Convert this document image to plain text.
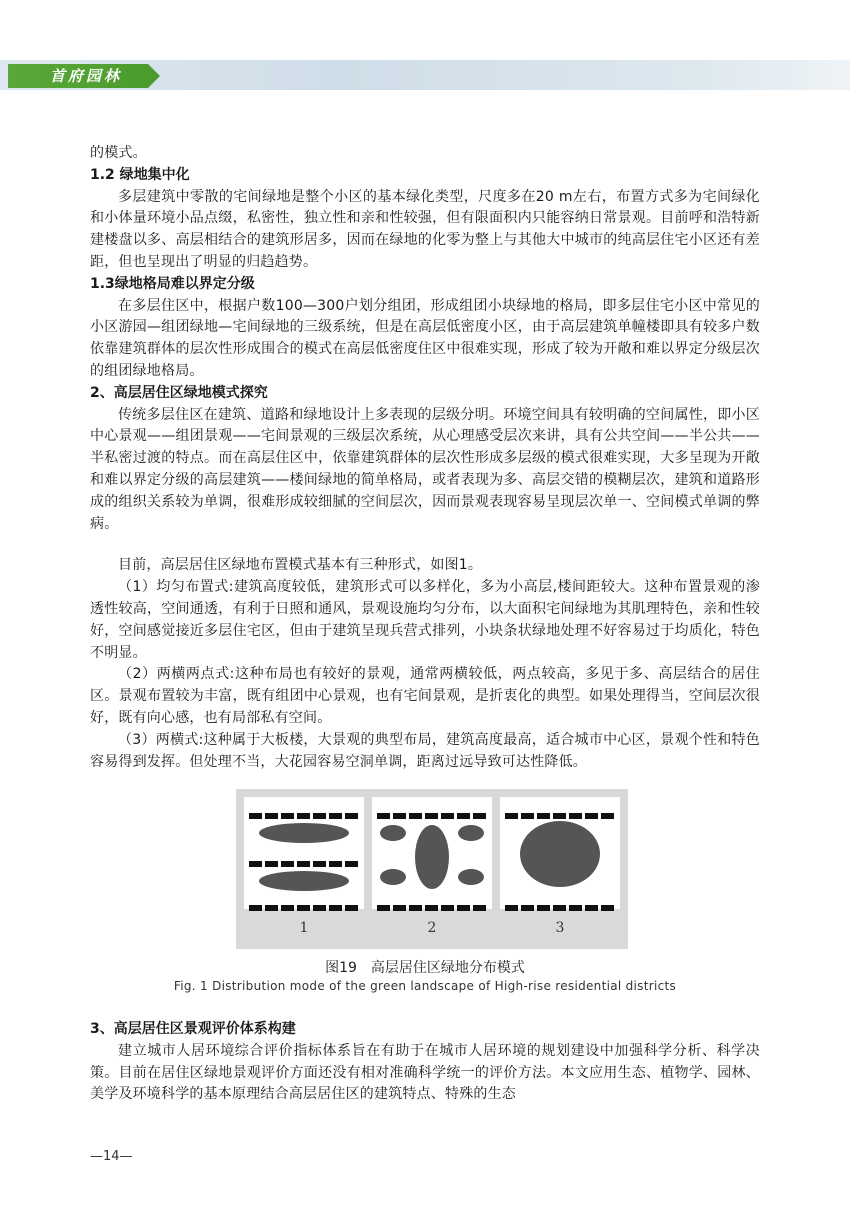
首府园林

的模式。

1.2 绿地集中化

多层建筑中零散的宅间绿地是整个小区的基本绿化类型，尺度多在20 m左右，布置方式多为宅间绿化和小体量环境小品点缀，私密性，独立性和亲和性较强，但有限面积内只能容纳日常景观。目前呼和浩特新建楼盘以多、高层相结合的建筑形居多，因而在绿地的化零为整上与其他大中城市的纯高层住宅小区还有差距，但也呈现出了明显的归趋趋势。

1.3绿地格局难以界定分级

在多层住区中，根据户数100—300户划分组团，形成组团小块绿地的格局，即多层住宅小区中常见的小区游园—组团绿地—宅间绿地的三级系统，但是在高层低密度小区，由于高层建筑单幢楼即具有较多户数依靠建筑群体的层次性形成围合的模式在高层低密度住区中很难实现，形成了较为开敞和难以界定分级层次的组团绿地格局。

2、高层居住区绿地模式探究

传统多层住区在建筑、道路和绿地设计上多表现的层级分明。环境空间具有较明确的空间属性，即小区中心景观——组团景观——宅间景观的三级层次系统，从心理感受层次来讲，具有公共空间——半公共——半私密过渡的特点。而在高层住区中，依靠建筑群体的层次性形成多层级的模式很难实现，大多呈现为开敞和难以界定分级的高层建筑——楼间绿地的简单格局，或者表现为多、高层交错的模糊层次，建筑和道路形成的组织关系较为单调，很难形成较细腻的空间层次，因而景观表现容易呈现层次单一、空间模式单调的弊病。

目前，高层居住区绿地布置模式基本有三种形式，如图1。

（1）均匀布置式:建筑高度较低，建筑形式可以多样化，多为小高层,楼间距较大。这种布置景观的渗透性较高，空间通透，有利于日照和通风，景观设施均匀分布，以大面积宅间绿地为其肌理特色，亲和性较好，空间感觉接近多层住宅区，但由于建筑呈现兵营式排列，小块条状绿地处理不好容易过于均质化，特色不明显。

（2）两横两点式:这种布局也有较好的景观，通常两横较低，两点较高，多见于多、高层结合的居住区。景观布置较为丰富，既有组团中心景观，也有宅间景观，是折衷化的典型。如果处理得当，空间层次很好，既有向心感，也有局部私有空间。

（3）两横式:这种属于大板楼，大景观的典型布局，建筑高度最高，适合城市中心区，景观个性和特色容易得到发挥。但处理不当，大花园容易空洞单调，距离过远导致可达性降低。

1	2	3
图19　高层居住区绿地分布模式
Fig. 1 Distribution mode of the green landscape of High-rise residential districts

3、高层居住区景观评价体系构建

建立城市人居环境综合评价指标体系旨在有助于在城市人居环境的规划建设中加强科学分析、科学决策。目前在居住区绿地景观评价方面还没有相对准确科学统一的评价方法。本文应用生态、植物学、园林、美学及环境科学的基本原理结合高层居住区的建筑特点、特殊的生态

—14—
